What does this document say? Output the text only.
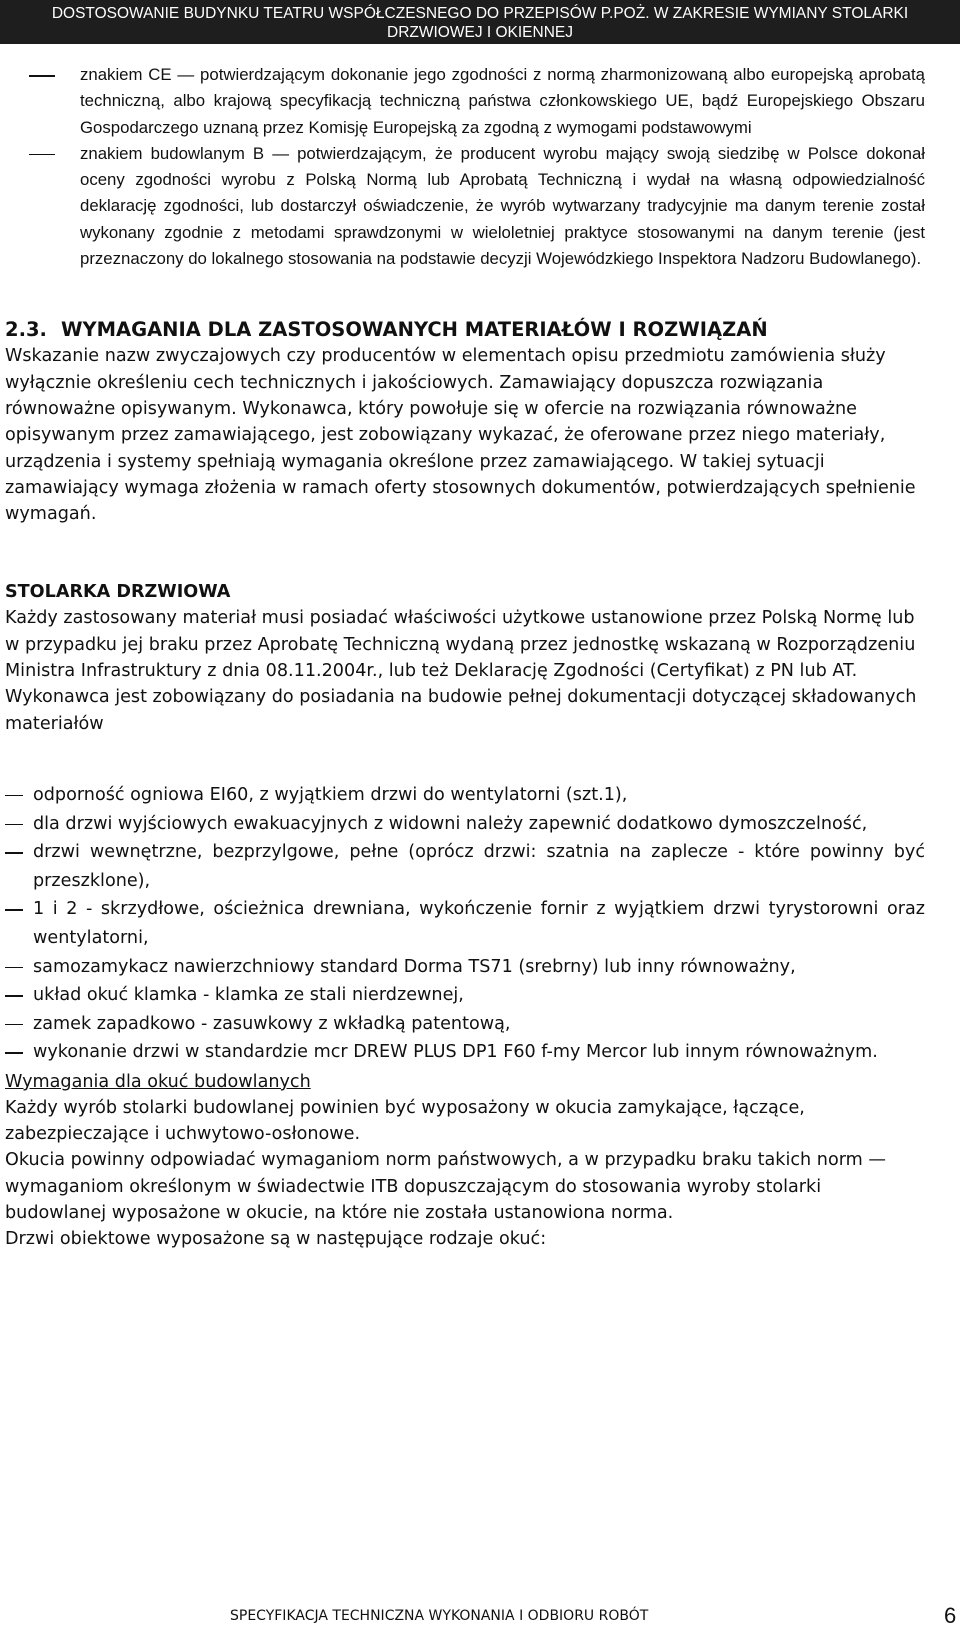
DOSTOSOWANIE BUDYNKU TEATRU WSPÓŁCZESNEGO DO PRZEPISÓW P.POŻ. W ZAKRESIE WYMIANY STOLARKI
DRZWIOWEJ I OKIENNEJ
znakiem CE — potwierdzającym dokonanie jego zgodności z normą zharmonizowaną albo europejską aprobatą techniczną, albo krajową specyfikacją techniczną państwa członkowskiego UE, bądź Europejskiego Obszaru Gospodarczego uznaną przez Komisję Europejską za zgodną z wymogami podstawowymi
znakiem budowlanym B — potwierdzającym, że producent wyrobu mający swoją siedzibę w Polsce dokonał oceny zgodności wyrobu z Polską Normą lub Aprobatą Techniczną i wydał na własną odpowiedzialność deklarację zgodności, lub dostarczył oświadczenie, że wyrób wytwarzany tradycyjnie ma danym terenie został wykonany zgodnie z metodami sprawdzonymi w wieloletniej praktyce stosowanymi na danym terenie (jest przeznaczony do lokalnego stosowania na podstawie decyzji Wojewódzkiego Inspektora Nadzoru Budowlanego).
2.3. WYMAGANIA DLA ZASTOSOWANYCH MATERIAŁÓW I ROZWIĄZAŃ

Wskazanie nazw zwyczajowych czy producentów w elementach opisu przedmiotu zamówienia służy wyłącznie określeniu cech technicznych i jakościowych. Zamawiający dopuszcza rozwiązania równoważne opisywanym. Wykonawca, który powołuje się w ofercie na rozwiązania równoważne opisywanym przez zamawiającego, jest zobowiązany wykazać, że oferowane przez niego materiały, urządzenia i systemy spełniają wymagania określone przez zamawiającego. W takiej sytuacji zamawiający wymaga złożenia w ramach oferty stosownych dokumentów, potwierdzających spełnienie wymagań.

STOLARKA DRZWIOWA

Każdy zastosowany materiał musi posiadać właściwości użytkowe ustanowione przez Polską Normę lub w przypadku jej braku przez Aprobatę Techniczną wydaną przez jednostkę wskazaną w Rozporządzeniu Ministra Infrastruktury z dnia 08.11.2004r., lub też Deklarację Zgodności (Certyfikat) z PN lub AT.

Wykonawca jest zobowiązany do posiadania na budowie pełnej dokumentacji dotyczącej składowanych materiałów

odporność ogniowa EI60, z wyjątkiem drzwi do wentylatorni (szt.1),
dla drzwi wyjściowych ewakuacyjnych z widowni należy zapewnić dodatkowo dymoszczelność,
drzwi wewnętrzne, bezprzylgowe, pełne (oprócz drzwi: szatnia na zaplecze - które powinny być przeszklone),
1 i 2 - skrzydłowe, ościeżnica drewniana, wykończenie fornir z wyjątkiem drzwi tyrystorowni oraz wentylatorni,
samozamykacz nawierzchniowy standard Dorma TS71 (srebrny) lub inny równoważny,
układ okuć klamka - klamka ze stali nierdzewnej,
zamek zapadkowo - zasuwkowy z wkładką patentową,
wykonanie drzwi w standardzie mcr DREW PLUS DP1 F60 f-my Mercor lub innym równoważnym.
Wymagania dla okuć budowlanych

Każdy wyrób stolarki budowlanej powinien być wyposażony w okucia zamykające, łączące, zabezpieczające i uchwytowo-osłonowe.

Okucia powinny odpowiadać wymaganiom norm państwowych, a w przypadku braku takich norm — wymaganiom określonym w świadectwie ITB dopuszczającym do stosowania wyroby stolarki budowlanej wyposażone w okucie, na które nie została ustanowiona norma.

Drzwi obiektowe wyposażone są w następujące rodzaje okuć:

SPECYFIKACJA TECHNICZNA WYKONANIA I ODBIORU ROBÓT	6
